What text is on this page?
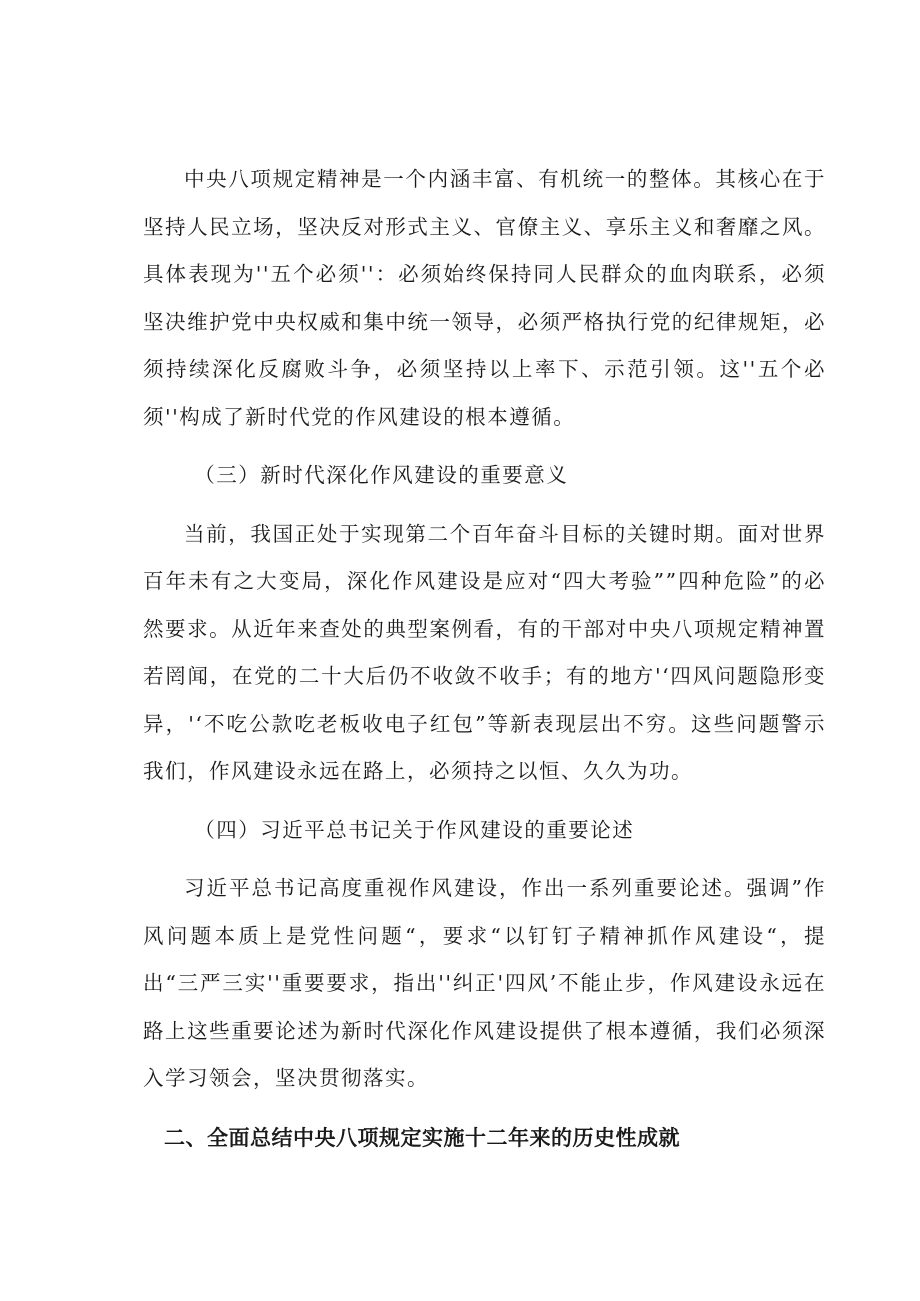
中央八项规定精神是一个内涵丰富、有机统一的整体。其核心在于坚持人民立场，坚决反对形式主义、官僚主义、享乐主义和奢靡之风。具体表现为''五个必须''：必须始终保持同人民群众的血肉联系，必须坚决维护党中央权威和集中统一领导，必须严格执行党的纪律规矩，必须持续深化反腐败斗争，必须坚持以上率下、示范引领。这''五个必须''构成了新时代党的作风建设的根本遵循。

（三）新时代深化作风建设的重要意义

当前，我国正处于实现第二个百年奋斗目标的关键时期。面对世界百年未有之大变局，深化作风建设是应对“四大考验””四种危险”的必然要求。从近年来查处的典型案例看，有的干部对中央八项规定精神置若罔闻，在党的二十大后仍不收敛不收手；有的地方'‘四风问题隐形变异，'‘不吃公款吃老板收电子红包”等新表现层出不穷。这些问题警示我们，作风建设永远在路上，必须持之以恒、久久为功。

（四）习近平总书记关于作风建设的重要论述

习近平总书记高度重视作风建设，作出一系列重要论述。强调”作风问题本质上是党性问题“，要求“以钉钉子精神抓作风建设“，提出“三严三实''重要要求，指出''纠正'四风’不能止步，作风建设永远在路上这些重要论述为新时代深化作风建设提供了根本遵循，我们必须深入学习领会，坚决贯彻落实。

二、全面总结中央八项规定实施十二年来的历史性成就
